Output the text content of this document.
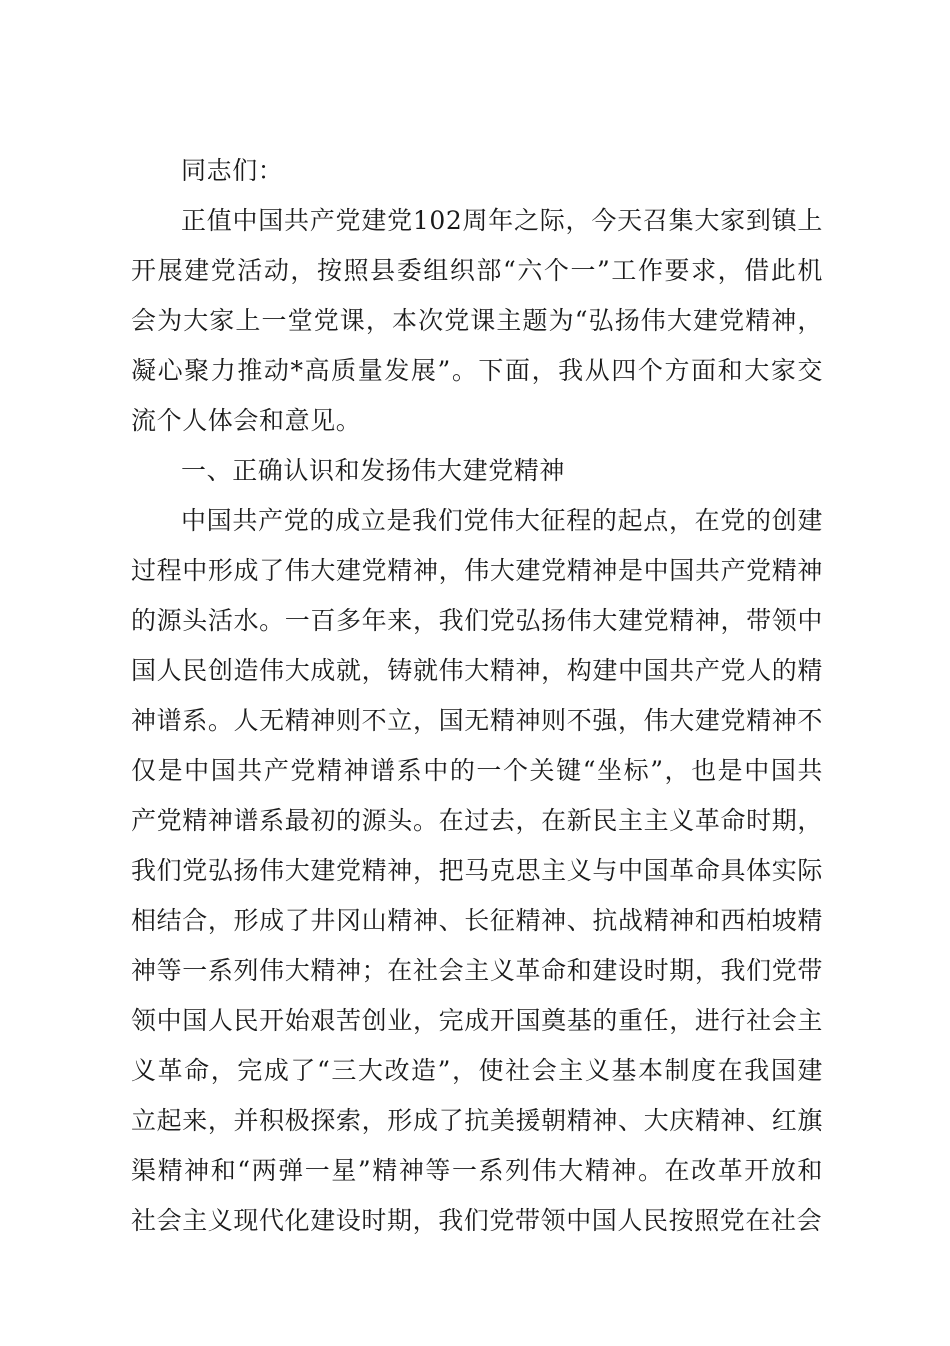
同志们：

正值中国共产党建党102周年之际，今天召集大家到镇上开展建党活动，按照县委组织部“六个一”工作要求，借此机会为大家上一堂党课，本次党课主题为“弘扬伟大建党精神，凝心聚力推动*高质量发展”。下面，我从四个方面和大家交流个人体会和意见。

一、正确认识和发扬伟大建党精神

中国共产党的成立是我们党伟大征程的起点，在党的创建过程中形成了伟大建党精神，伟大建党精神是中国共产党精神的源头活水。一百多年来，我们党弘扬伟大建党精神，带领中国人民创造伟大成就，铸就伟大精神，构建中国共产党人的精神谱系。人无精神则不立，国无精神则不强，伟大建党精神不仅是中国共产党精神谱系中的一个关键“坐标”，也是中国共产党精神谱系最初的源头。在过去，在新民主主义革命时期，我们党弘扬伟大建党精神，把马克思主义与中国革命具体实际相结合，形成了井冈山精神、长征精神、抗战精神和西柏坡精神等一系列伟大精神；在社会主义革命和建设时期，我们党带领中国人民开始艰苦创业，完成开国奠基的重任，进行社会主义革命，完成了“三大改造”，使社会主义基本制度在我国建立起来，并积极探索，形成了抗美援朝精神、大庆精神、红旗渠精神和“两弹一星”精神等一系列伟大精神。在改革开放和社会主义现代化建设时期，我们党带领中国人民按照党在社会
